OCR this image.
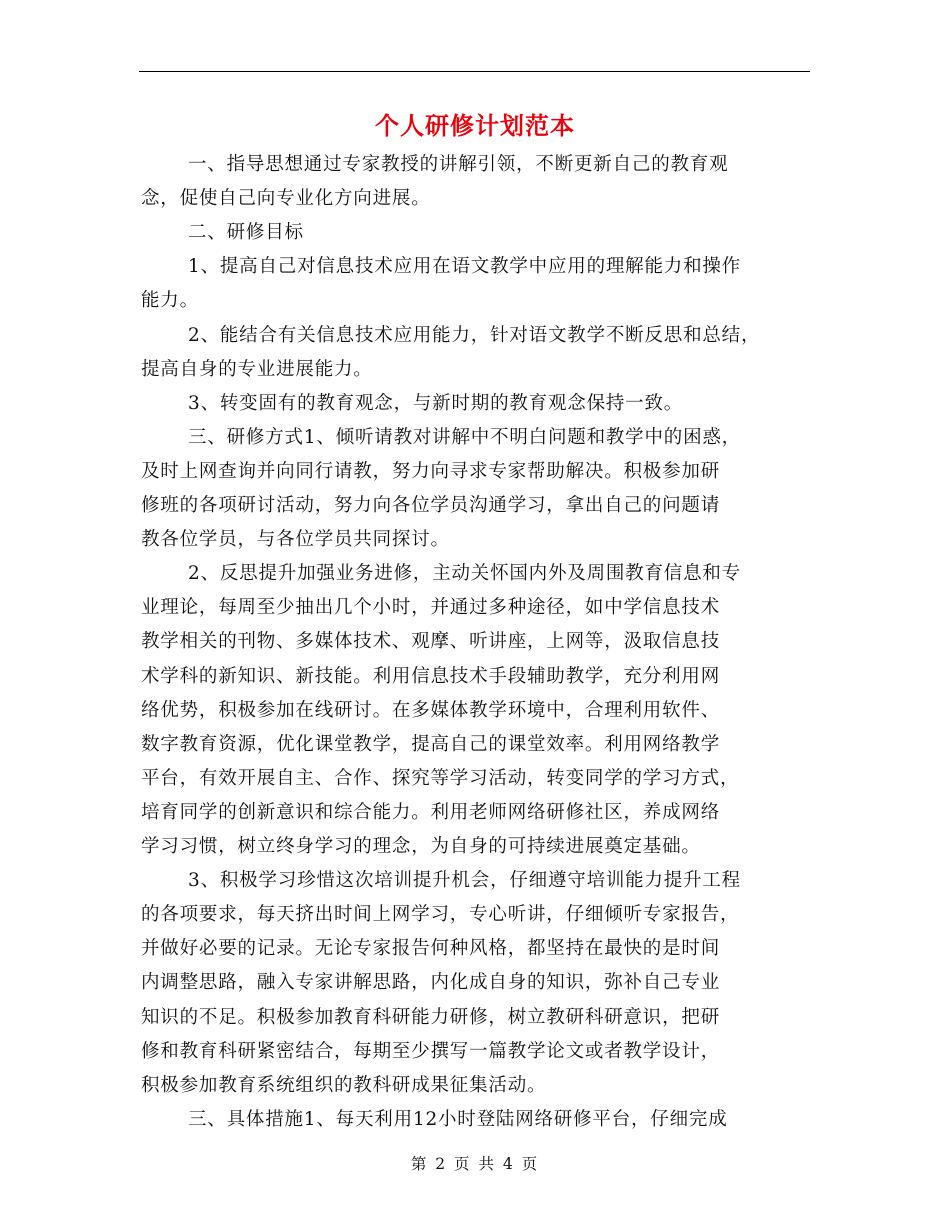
个人研修计划范本
一、指导思想通过专家教授的讲解引领，不断更新自己的教育观
念，促使自己向专业化方向进展。
二、研修目标
1、提高自己对信息技术应用在语文教学中应用的理解能力和操作
能力。
2、能结合有关信息技术应用能力，针对语文教学不断反思和总结，
提高自身的专业进展能力。
3、转变固有的教育观念，与新时期的教育观念保持一致。
三、研修方式1、倾听请教对讲解中不明白问题和教学中的困惑，
及时上网查询并向同行请教，努力向寻求专家帮助解决。积极参加研
修班的各项研讨活动，努力向各位学员沟通学习，拿出自己的问题请
教各位学员，与各位学员共同探讨。
2、反思提升加强业务进修，主动关怀国内外及周围教育信息和专
业理论，每周至少抽出几个小时，并通过多种途径，如中学信息技术
教学相关的刊物、多媒体技术、观摩、听讲座，上网等，汲取信息技
术学科的新知识、新技能。利用信息技术手段辅助教学，充分利用网
络优势，积极参加在线研讨。在多媒体教学环境中，合理利用软件、
数字教育资源，优化课堂教学，提高自己的课堂效率。利用网络教学
平台，有效开展自主、合作、探究等学习活动，转变同学的学习方式，
培育同学的创新意识和综合能力。利用老师网络研修社区，养成网络
学习习惯，树立终身学习的理念，为自身的可持续进展奠定基础。
3、积极学习珍惜这次培训提升机会，仔细遵守培训能力提升工程
的各项要求，每天挤出时间上网学习，专心听讲，仔细倾听专家报告，
并做好必要的记录。无论专家报告何种风格，都坚持在最快的是时间
内调整思路，融入专家讲解思路，内化成自身的知识，弥补自己专业
知识的不足。积极参加教育科研能力研修，树立教研科研意识，把研
修和教育科研紧密结合，每期至少撰写一篇教学论文或者教学设计，
积极参加教育系统组织的教科研成果征集活动。
三、具体措施1、每天利用12小时登陆网络研修平台，仔细完成
第 2 页 共 4 页
